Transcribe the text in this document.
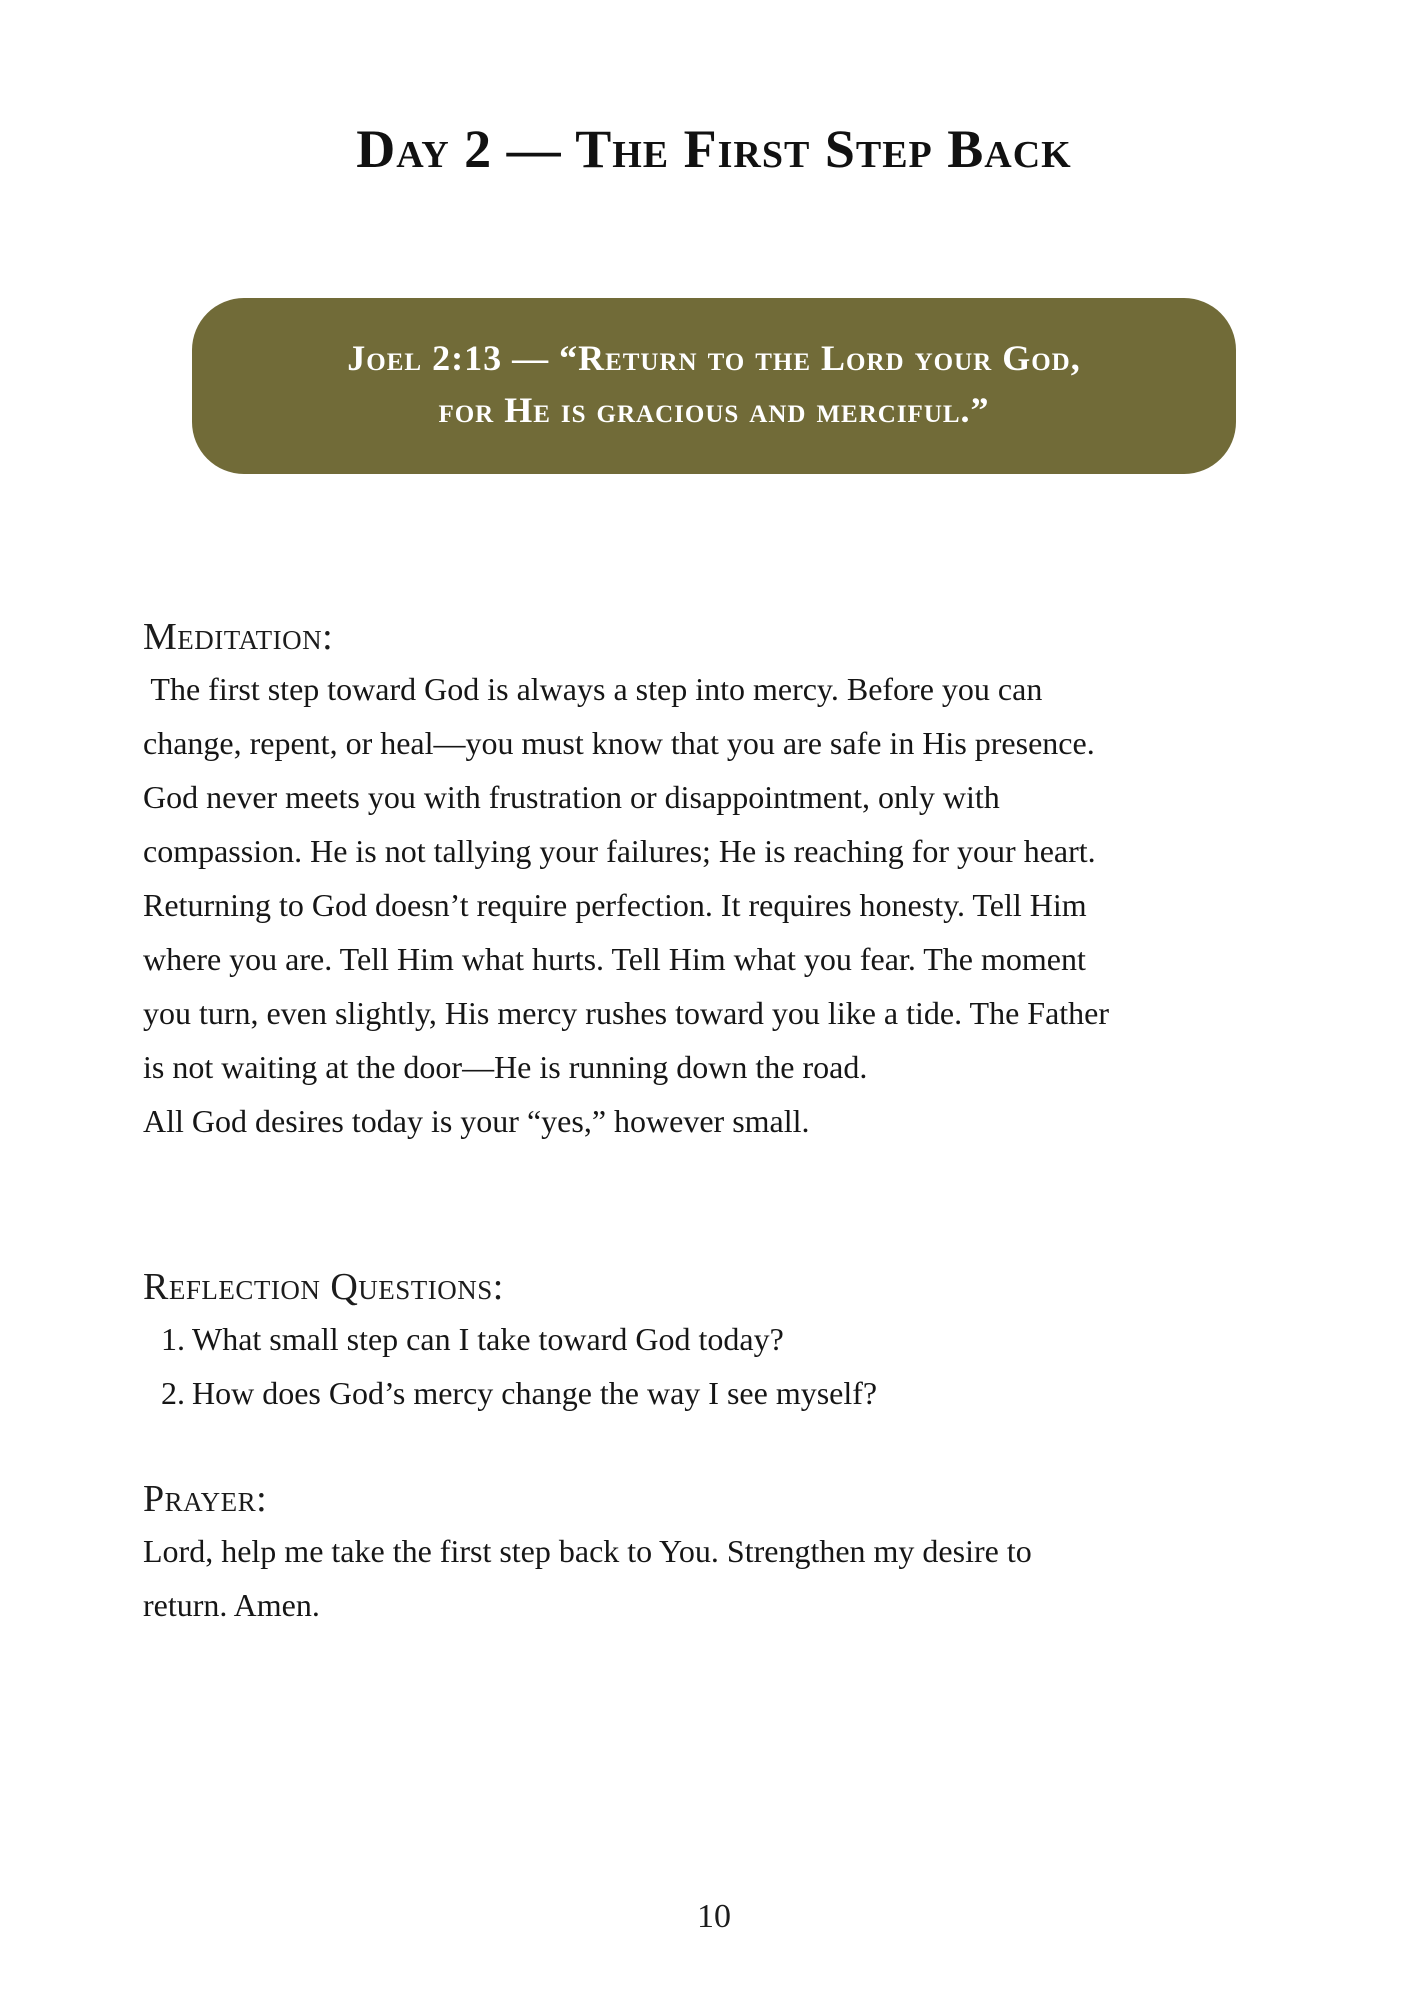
Day 2 — The First Step Back
Joel 2:13 — “Return to the Lord your God,
for He is gracious and merciful.”
Meditation:
The first step toward God is always a step into mercy. Before you can
change, repent, or heal—you must know that you are safe in His presence.
God never meets you with frustration or disappointment, only with
compassion. He is not tallying your failures; He is reaching for your heart.
Returning to God doesn’t require perfection. It requires honesty. Tell Him
where you are. Tell Him what hurts. Tell Him what you fear. The moment
you turn, even slightly, His mercy rushes toward you like a tide. The Father
is not waiting at the door—He is running down the road.
All God desires today is your “yes,” however small.
Reflection Questions:
1. What small step can I take toward God today?
2. How does God’s mercy change the way I see myself?
Prayer:
Lord, help me take the first step back to You. Strengthen my desire to
return. Amen.
10
